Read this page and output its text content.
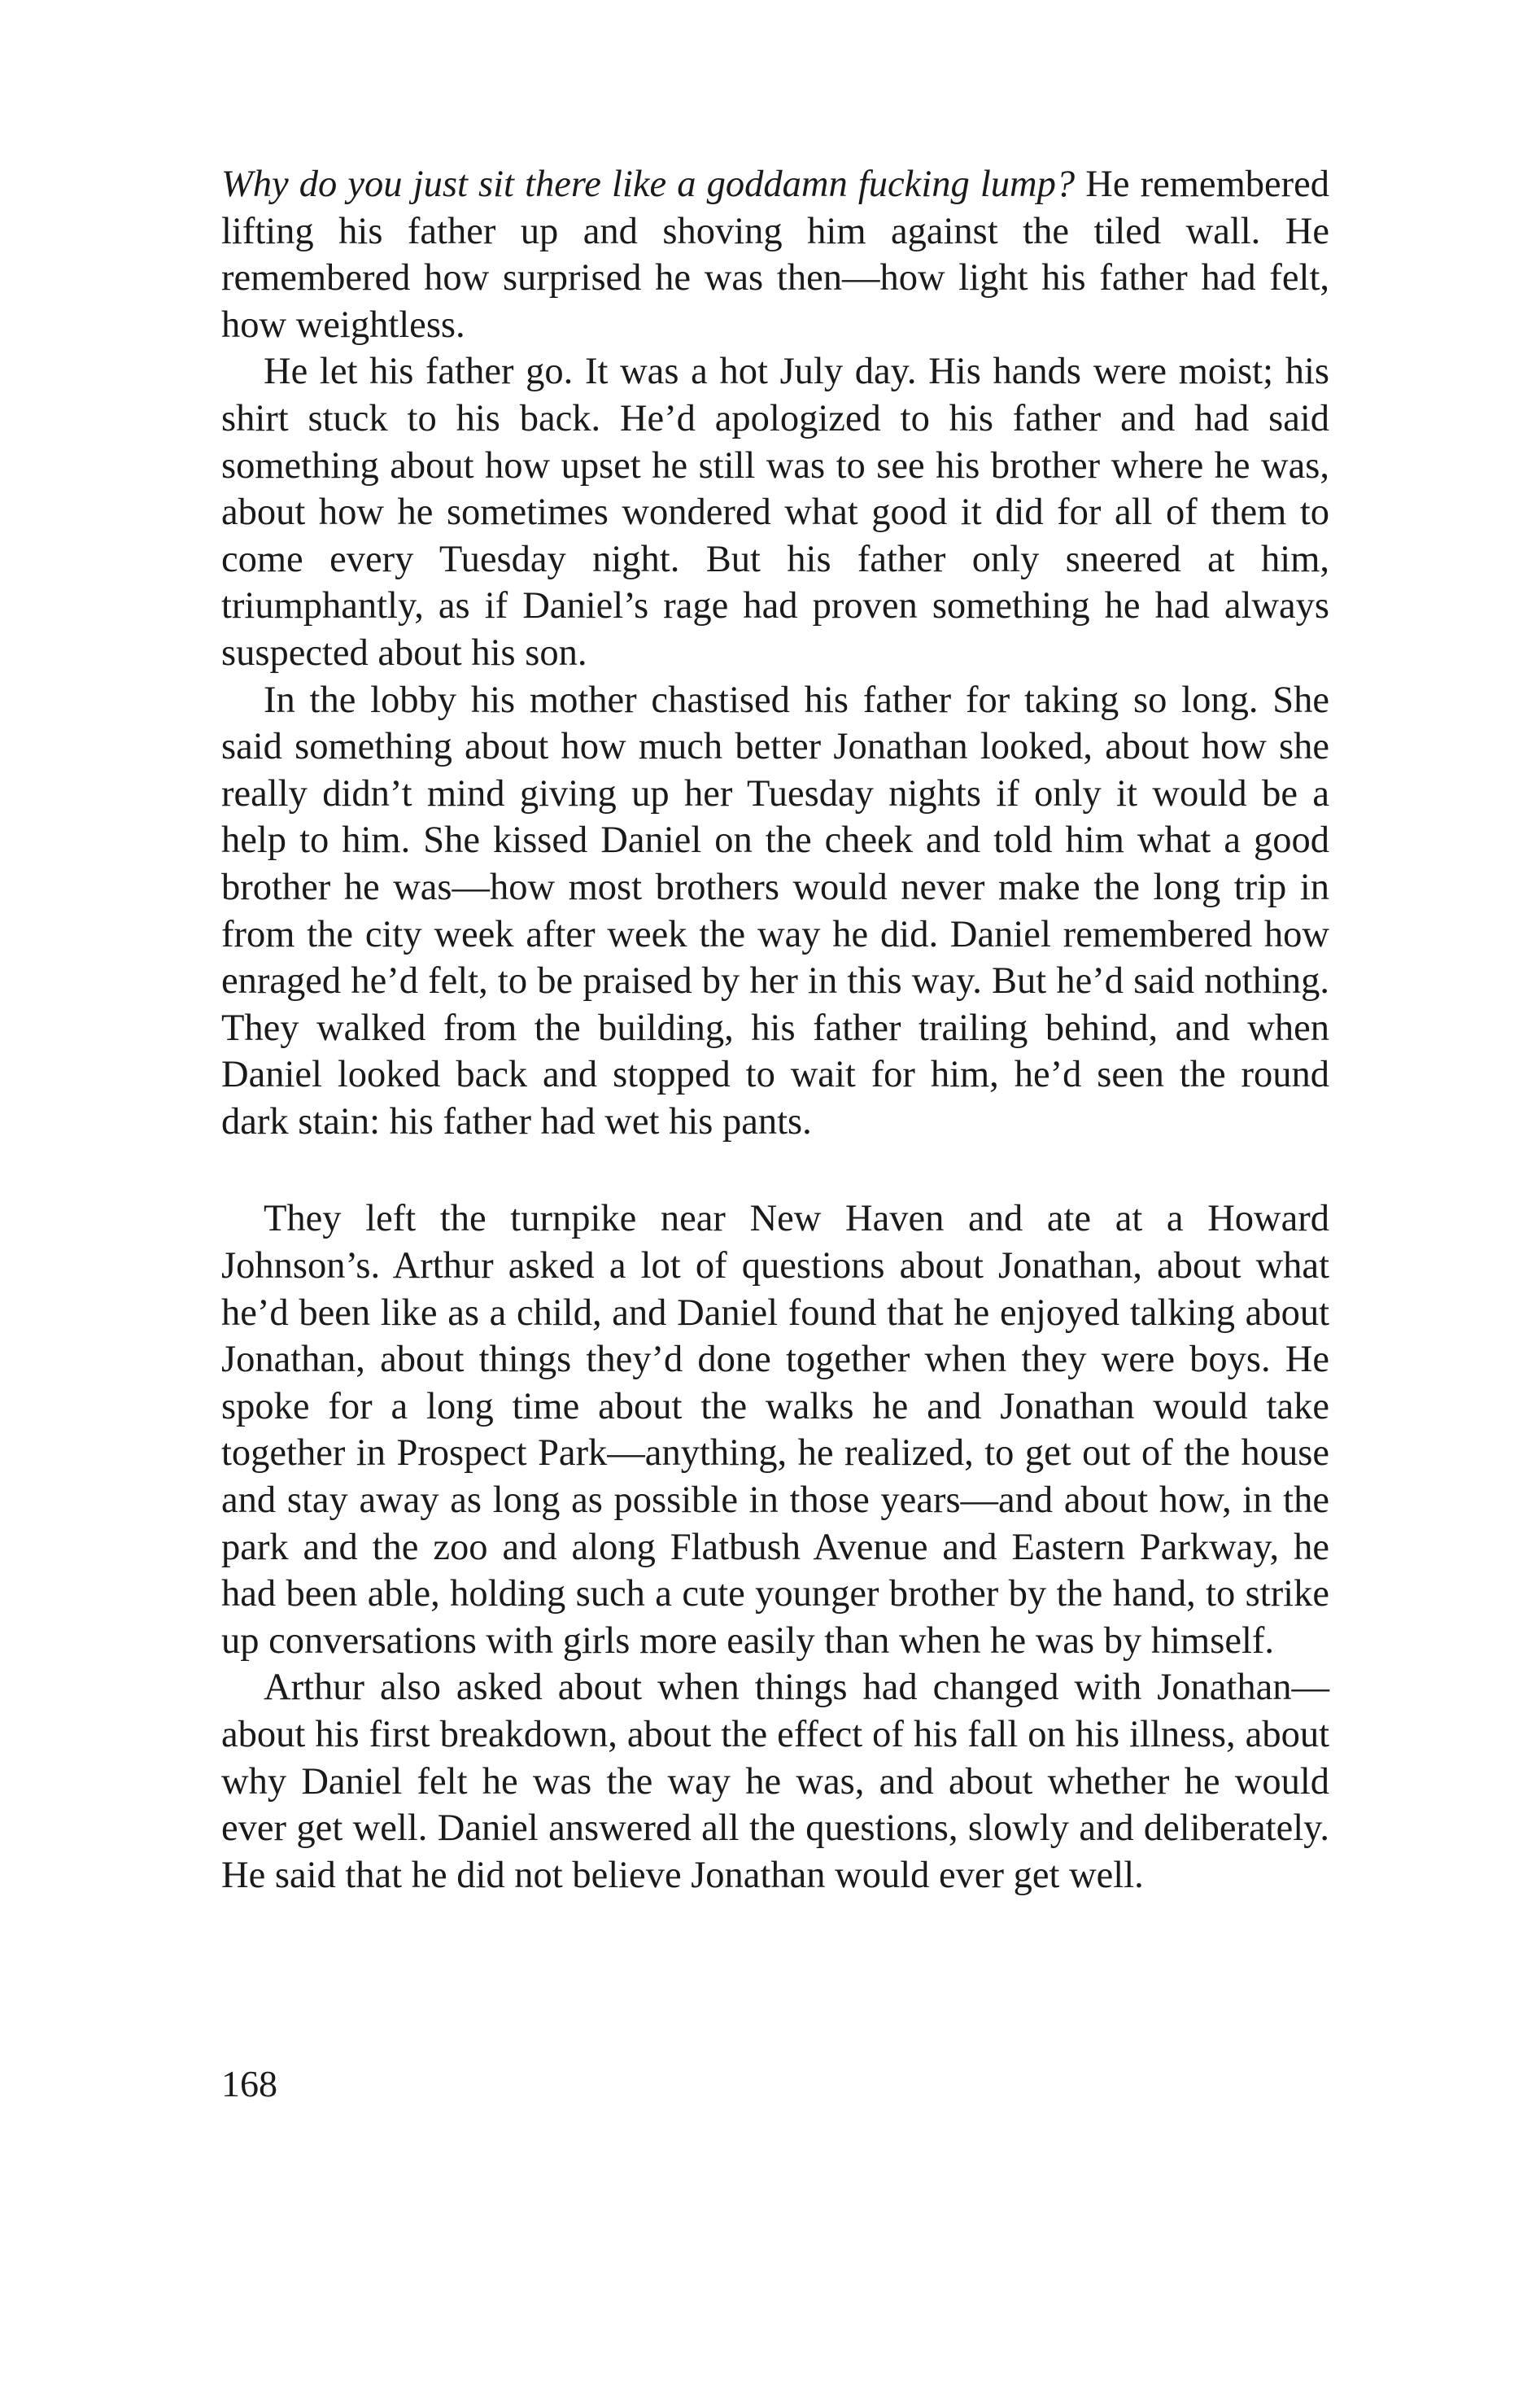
Why do you just sit there like a goddamn fucking lump? He remembered lifting his father up and shoving him against the tiled wall. He remembered how surprised he was then—how light his father had felt, how weightless.

He let his father go. It was a hot July day. His hands were moist; his shirt stuck to his back. He’d apologized to his father and had said something about how upset he still was to see his brother where he was, about how he sometimes wondered what good it did for all of them to come every Tuesday night. But his father only sneered at him, triumphantly, as if Daniel’s rage had proven something he had always suspected about his son.

In the lobby his mother chastised his father for taking so long. She said something about how much better Jonathan looked, about how she really didn’t mind giving up her Tuesday nights if only it would be a help to him. She kissed Daniel on the cheek and told him what a good brother he was—how most brothers would never make the long trip in from the city week after week the way he did. Daniel remembered how enraged he’d felt, to be praised by her in this way. But he’d said nothing. They walked from the building, his father trailing behind, and when Daniel looked back and stopped to wait for him, he’d seen the round dark stain: his father had wet his pants.

They left the turnpike near New Haven and ate at a Howard Johnson’s. Arthur asked a lot of questions about Jonathan, about what he’d been like as a child, and Daniel found that he enjoyed talking about Jonathan, about things they’d done together when they were boys. He spoke for a long time about the walks he and Jonathan would take together in Prospect Park—anything, he realized, to get out of the house and stay away as long as possible in those years—and about how, in the park and the zoo and along Flatbush Avenue and Eastern Parkway, he had been able, holding such a cute younger brother by the hand, to strike up conversations with girls more easily than when he was by himself.

Arthur also asked about when things had changed with Jonathan—about his first breakdown, about the effect of his fall on his illness, about why Daniel felt he was the way he was, and about whether he would ever get well. Daniel answered all the questions, slowly and deliberately. He said that he did not believe Jonathan would ever get well.

168
